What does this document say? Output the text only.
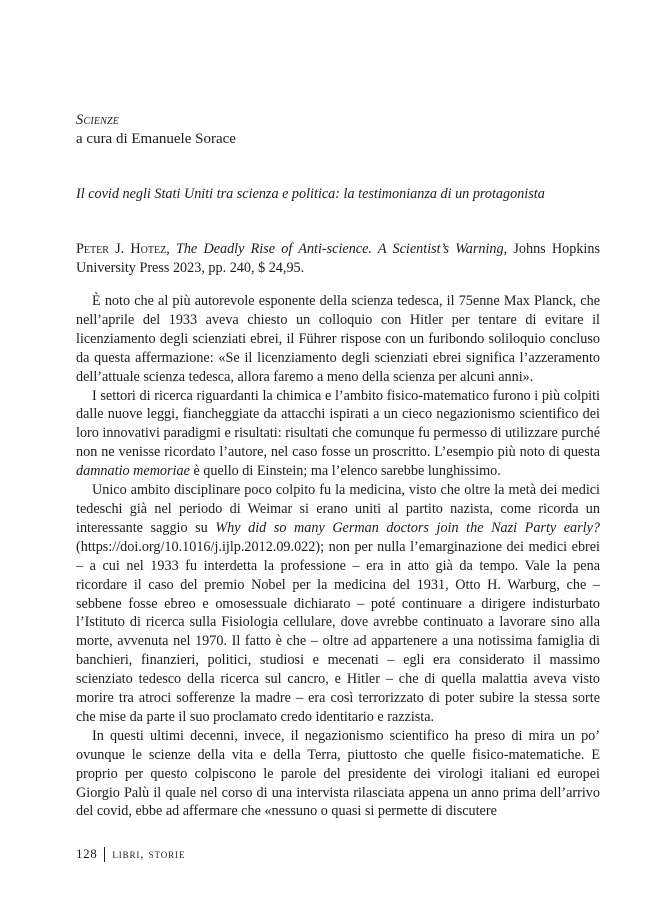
Scienze
a cura di Emanuele Sorace
Il covid negli Stati Uniti tra scienza e politica: la testimonianza di un protagonista
Peter J. Hotez, The Deadly Rise of Anti-science. A Scientist’s Warning, Johns Hopkins University Press 2023, pp. 240, $ 24,95.

È noto che al più autorevole esponente della scienza tedesca, il 75enne Max Planck, che nell’aprile del 1933 aveva chiesto un colloquio con Hitler per tentare di evitare il licenziamento degli scienziati ebrei, il Führer rispose con un furibondo soliloquio concluso da questa affermazione: «Se il licenziamento degli scienziati ebrei significa l’azzeramento dell’attuale scienza tedesca, allora faremo a meno della scienza per alcuni anni».

I settori di ricerca riguardanti la chimica e l’ambito fisico-matematico furono i più colpiti dalle nuove leggi, fiancheggiate da attacchi ispirati a un cieco negazionismo scientifico dei loro innovativi paradigmi e risultati: risultati che comunque fu permesso di utilizzare purché non ne venisse ricordato l’autore, nel caso fosse un proscritto. L’esempio più noto di questa damnatio memoriae è quello di Einstein; ma l’elenco sarebbe lunghissimo.

Unico ambito disciplinare poco colpito fu la medicina, visto che oltre la metà dei medici tedeschi già nel periodo di Weimar si erano uniti al partito nazista, come ricorda un interessante saggio su Why did so many German doctors join the Nazi Party early? (https://doi.org/10.1016/j.ijlp.2012.09.022); non per nulla l’emarginazione dei medici ebrei – a cui nel 1933 fu interdetta la professione – era in atto già da tempo. Vale la pena ricordare il caso del premio Nobel per la medicina del 1931, Otto H. Warburg, che – sebbene fosse ebreo e omosessuale dichiarato – poté continuare a dirigere indisturbato l’Istituto di ricerca sulla Fisiologia cellulare, dove avrebbe continuato a lavorare sino alla morte, avvenuta nel 1970. Il fatto è che – oltre ad appartenere a una notissima famiglia di banchieri, finanzieri, politici, studiosi e mecenati – egli era considerato il massimo scienziato tedesco della ricerca sul cancro, e Hitler – che di quella malattia aveva visto morire tra atroci sofferenze la madre – era così terrorizzato di poter subire la stessa sorte che mise da parte il suo proclamato credo identitario e razzista.

In questi ultimi decenni, invece, il negazionismo scientifico ha preso di mira un po’ ovunque le scienze della vita e della Terra, piuttosto che quelle fisico-matematiche. E proprio per questo colpiscono le parole del presidente dei virologi italiani ed europei Giorgio Palù il quale nel corso di una intervista rilasciata appena un anno prima dell’arrivo del covid, ebbe ad affermare che «nessuno o quasi si permette di discutere

128 libri, storie
